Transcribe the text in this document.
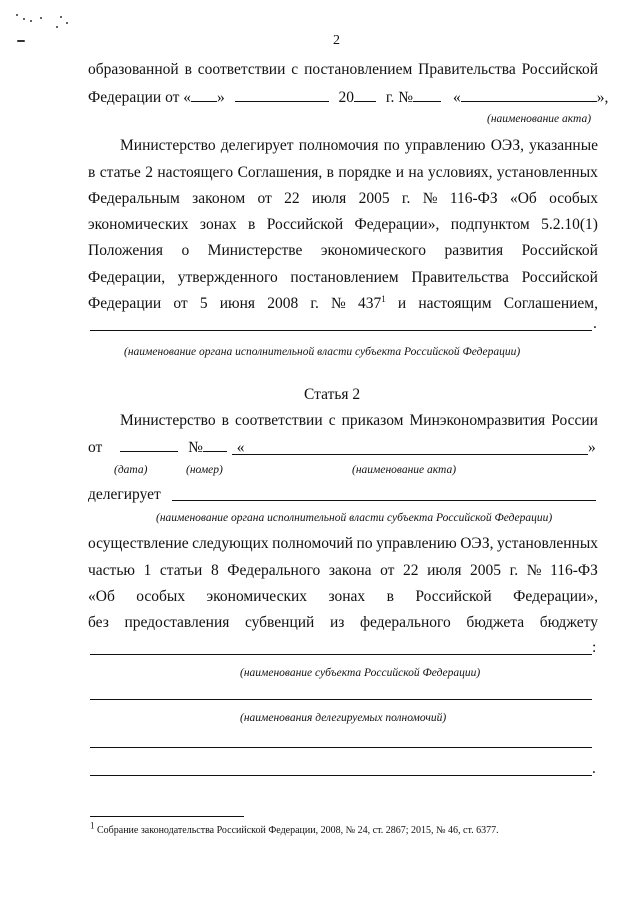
2
образованной в соответствии с постановлением Правительства Российской
Федерации от « »	20 г. №	«	»,
(наименование акта)
Министерство делегирует полномочия по управлению ОЭЗ, указанные
в статье 2 настоящего Соглашения, в порядке и на условиях, установленных
Федеральным законом от 22 июля 2005 г. № 116-ФЗ «Об особых
экономических зонах в Российской Федерации», подпунктом 5.2.10(1)
Положения о Министерстве экономического развития Российской
Федерации, утвержденного постановлением Правительства Российской
Федерации от 5 июня 2008 г. № $437^1$ и настоящим Соглашением,
.
(наименование органа исполнительной власти субъекта Российской Федерации)
Статья 2
Министерство в соответствии с приказом Минэкономразвития России
от	№ «	»
(дата)	(номер)	(наименование акта)
делегирует
(наименование органа исполнительной власти субъекта Российской Федерации)
осуществление следующих полномочий по управлению ОЭЗ, установленных
частью 1 статьи 8 Федерального закона от 22 июля 2005 г. № 116-ФЗ
«Об особых экономических зонах в Российской Федерации»,
без предоставления субвенций из федерального бюджета бюджету
:
(наименование субъекта Российской Федерации)
(наименования делегируемых полномочий)
.
1 Собрание законодательства Российской Федерации, 2008, № 24, ст. 2867; 2015, № 46, ст. 6377.
